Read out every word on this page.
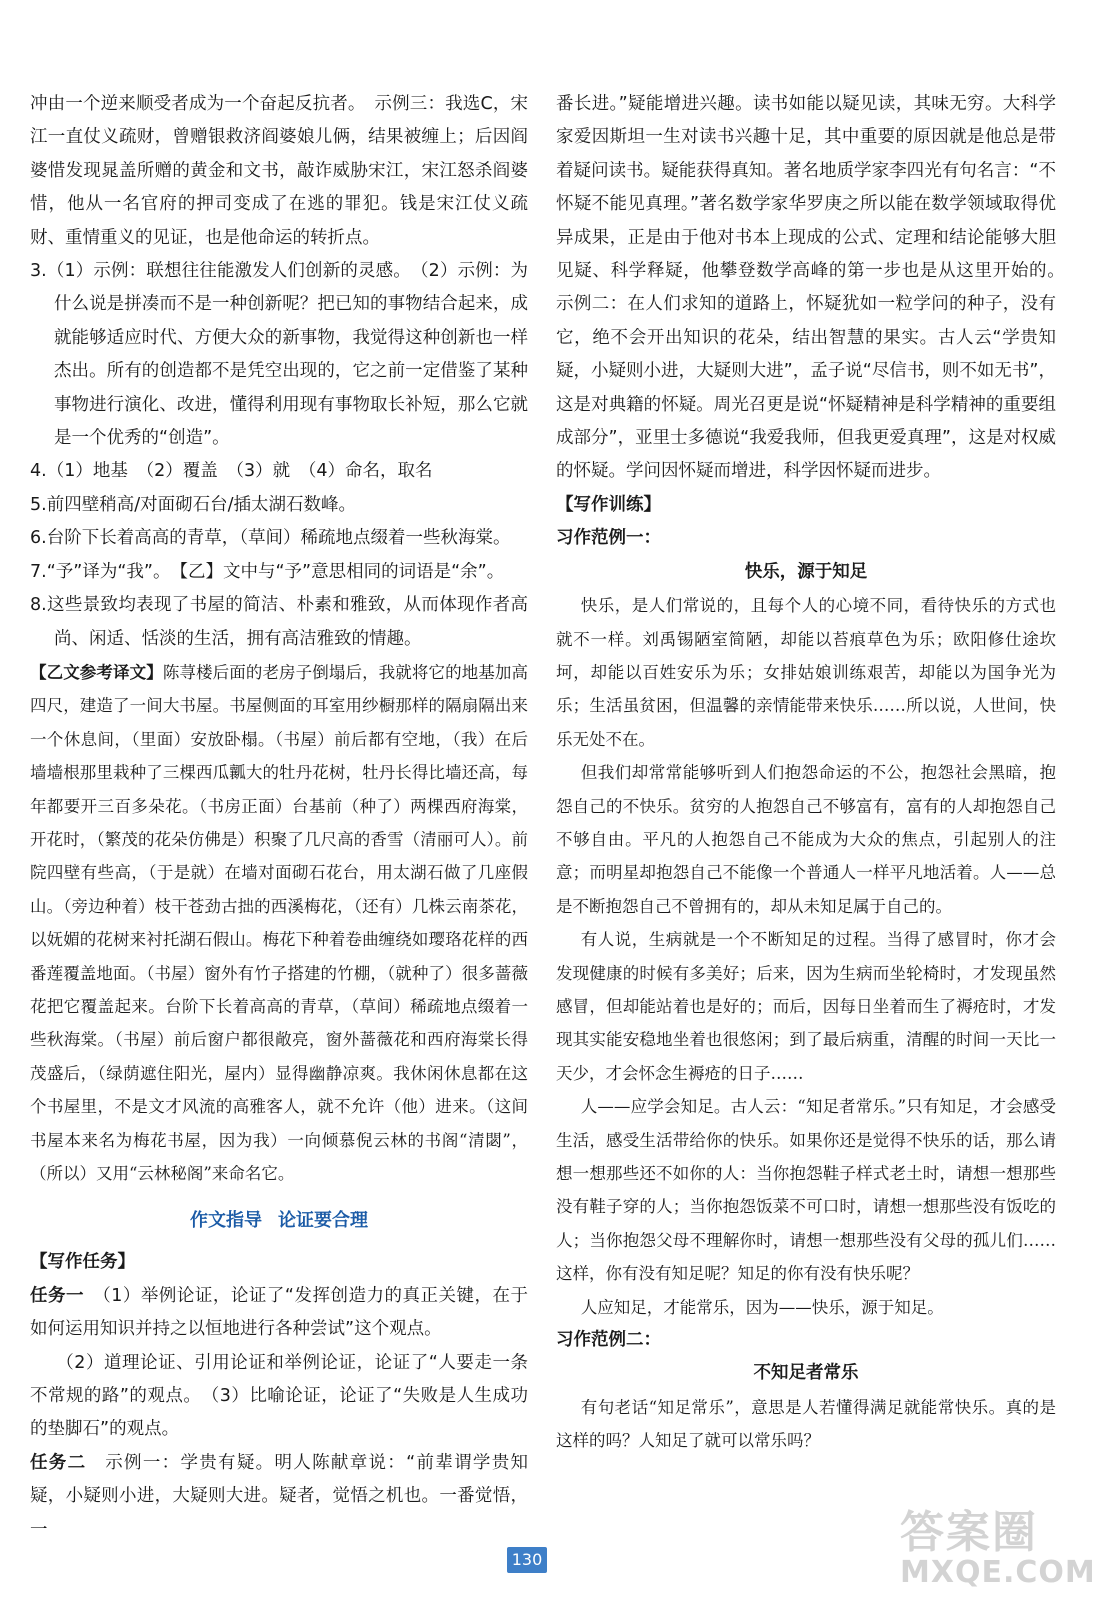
冲由一个逆来顺受者成为一个奋起反抗者。　示例三：我选C，宋江一直仗义疏财，曾赠银救济阎婆娘儿俩，结果被缠上；后因阎婆惜发现晁盖所赠的黄金和文书，敲诈威胁宋江，宋江怒杀阎婆惜，他从一名官府的押司变成了在逃的罪犯。钱是宋江仗义疏财、重情重义的见证，也是他命运的转折点。

3.（1）示例：联想往往能激发人们创新的灵感。　（2）示例：为什么说是拼凑而不是一种创新呢？把已知的事物结合起来，成就能够适应时代、方便大众的新事物，我觉得这种创新也一样杰出。所有的创造都不是凭空出现的，它之前一定借鉴了某种事物进行演化、改进，懂得利用现有事物取长补短，那么它就是一个优秀的“创造”。

4.（1）地基　（2）覆盖　（3）就　（4）命名，取名

5.前四壁稍高/对面砌石台/插太湖石数峰。

6.台阶下长着高高的青草，（草间）稀疏地点缀着一些秋海棠。

7.“予”译为“我”。　【乙】文中与“予”意思相同的词语是“余”。

8.这些景致均表现了书屋的简洁、朴素和雅致，从而体现作者高尚、闲适、恬淡的生活，拥有高洁雅致的情趣。

【乙文参考译文】陈荨楼后面的老房子倒塌后，我就将它的地基加高四尺，建造了一间大书屋。书屋侧面的耳室用纱橱那样的隔扇隔出来一个休息间，（里面）安放卧榻。（书屋）前后都有空地，（我）在后墙墙根那里栽种了三棵西瓜瓤大的牡丹花树，牡丹长得比墙还高，每年都要开三百多朵花。（书房正面）台基前（种了）两棵西府海棠，开花时，（繁茂的花朵仿佛是）积聚了几尺高的香雪（清丽可人）。前院四壁有些高，（于是就）在墙对面砌石花台，用太湖石做了几座假山。（旁边种着）枝干苍劲古拙的西溪梅花，（还有）几株云南茶花，以妩媚的花树来衬托湖石假山。梅花下种着卷曲缠绕如璎珞花样的西番莲覆盖地面。（书屋）窗外有竹子搭建的竹棚，（就种了）很多蔷薇花把它覆盖起来。台阶下长着高高的青草，（草间）稀疏地点缀着一些秋海棠。（书屋）前后窗户都很敞亮，窗外蔷薇花和西府海棠长得茂盛后，（绿荫遮住阳光，屋内）显得幽静凉爽。我休闲休息都在这个书屋里，不是文才风流的高雅客人，就不允许（他）进来。（这间书屋本来名为梅花书屋，因为我）一向倾慕倪云林的书阁“清閟”，（所以）又用“云林秘阁”来命名它。

作文指导 论证要合理

【写作任务】

任务一　 （1）举例论证，论证了“发挥创造力的真正关键，在于如何运用知识并持之以恒地进行各种尝试”这个观点。

（2）道理论证、引用论证和举例论证，论证了“人要走一条不常规的路”的观点。　（3）比喻论证，论证了“失败是人生成功的垫脚石”的观点。

任务二　 示例一：学贵有疑。明人陈献章说：“前辈谓学贵知疑，小疑则小进，大疑则大进。疑者，觉悟之机也。一番觉悟，一

番长进。”疑能增进兴趣。读书如能以疑见读，其味无穷。大科学家爱因斯坦一生对读书兴趣十足，其中重要的原因就是他总是带着疑问读书。疑能获得真知。著名地质学家李四光有句名言：“不怀疑不能见真理。”著名数学家华罗庚之所以能在数学领域取得优异成果，正是由于他对书本上现成的公式、定理和结论能够大胆见疑、科学释疑，他攀登数学高峰的第一步也是从这里开始的。　示例二：在人们求知的道路上，怀疑犹如一粒学问的种子，没有它，绝不会开出知识的花朵，结出智慧的果实。古人云“学贵知疑，小疑则小进，大疑则大进”，孟子说“尽信书，则不如无书”，这是对典籍的怀疑。周光召更是说“怀疑精神是科学精神的重要组成部分”，亚里士多德说“我爱我师，但我更爱真理”，这是对权威的怀疑。学问因怀疑而增进，科学因怀疑而进步。

【写作训练】

习作范例一：

快乐，源于知足

快乐，是人们常说的，且每个人的心境不同，看待快乐的方式也就不一样。刘禹锡陋室简陋，却能以苔痕草色为乐；欧阳修仕途坎坷，却能以百姓安乐为乐；女排姑娘训练艰苦，却能以为国争光为乐；生活虽贫困，但温馨的亲情能带来快乐……所以说，人世间，快乐无处不在。

但我们却常常能够听到人们抱怨命运的不公，抱怨社会黑暗，抱怨自己的不快乐。贫穷的人抱怨自己不够富有，富有的人却抱怨自己不够自由。平凡的人抱怨自己不能成为大众的焦点，引起别人的注意；而明星却抱怨自己不能像一个普通人一样平凡地活着。人——总是不断抱怨自己不曾拥有的，却从未知足属于自己的。

有人说，生病就是一个不断知足的过程。当得了感冒时，你才会发现健康的时候有多美好；后来，因为生病而坐轮椅时，才发现虽然感冒，但却能站着也是好的；而后，因每日坐着而生了褥疮时，才发现其实能安稳地坐着也很悠闲；到了最后病重，清醒的时间一天比一天少，才会怀念生褥疮的日子……

人——应学会知足。古人云：“知足者常乐。”只有知足，才会感受生活，感受生活带给你的快乐。如果你还是觉得不快乐的话，那么请想一想那些还不如你的人：当你抱怨鞋子样式老土时，请想一想那些没有鞋子穿的人；当你抱怨饭菜不可口时，请想一想那些没有饭吃的人；当你抱怨父母不理解你时，请想一想那些没有父母的孤儿们……这样，你有没有知足呢？知足的你有没有快乐呢？

人应知足，才能常乐，因为——快乐，源于知足。

习作范例二：

不知足者常乐

有句老话“知足常乐”，意思是人若懂得满足就能常快乐。真的是这样的吗？人知足了就可以常乐吗？

130
答案圈
MXQE.COM
